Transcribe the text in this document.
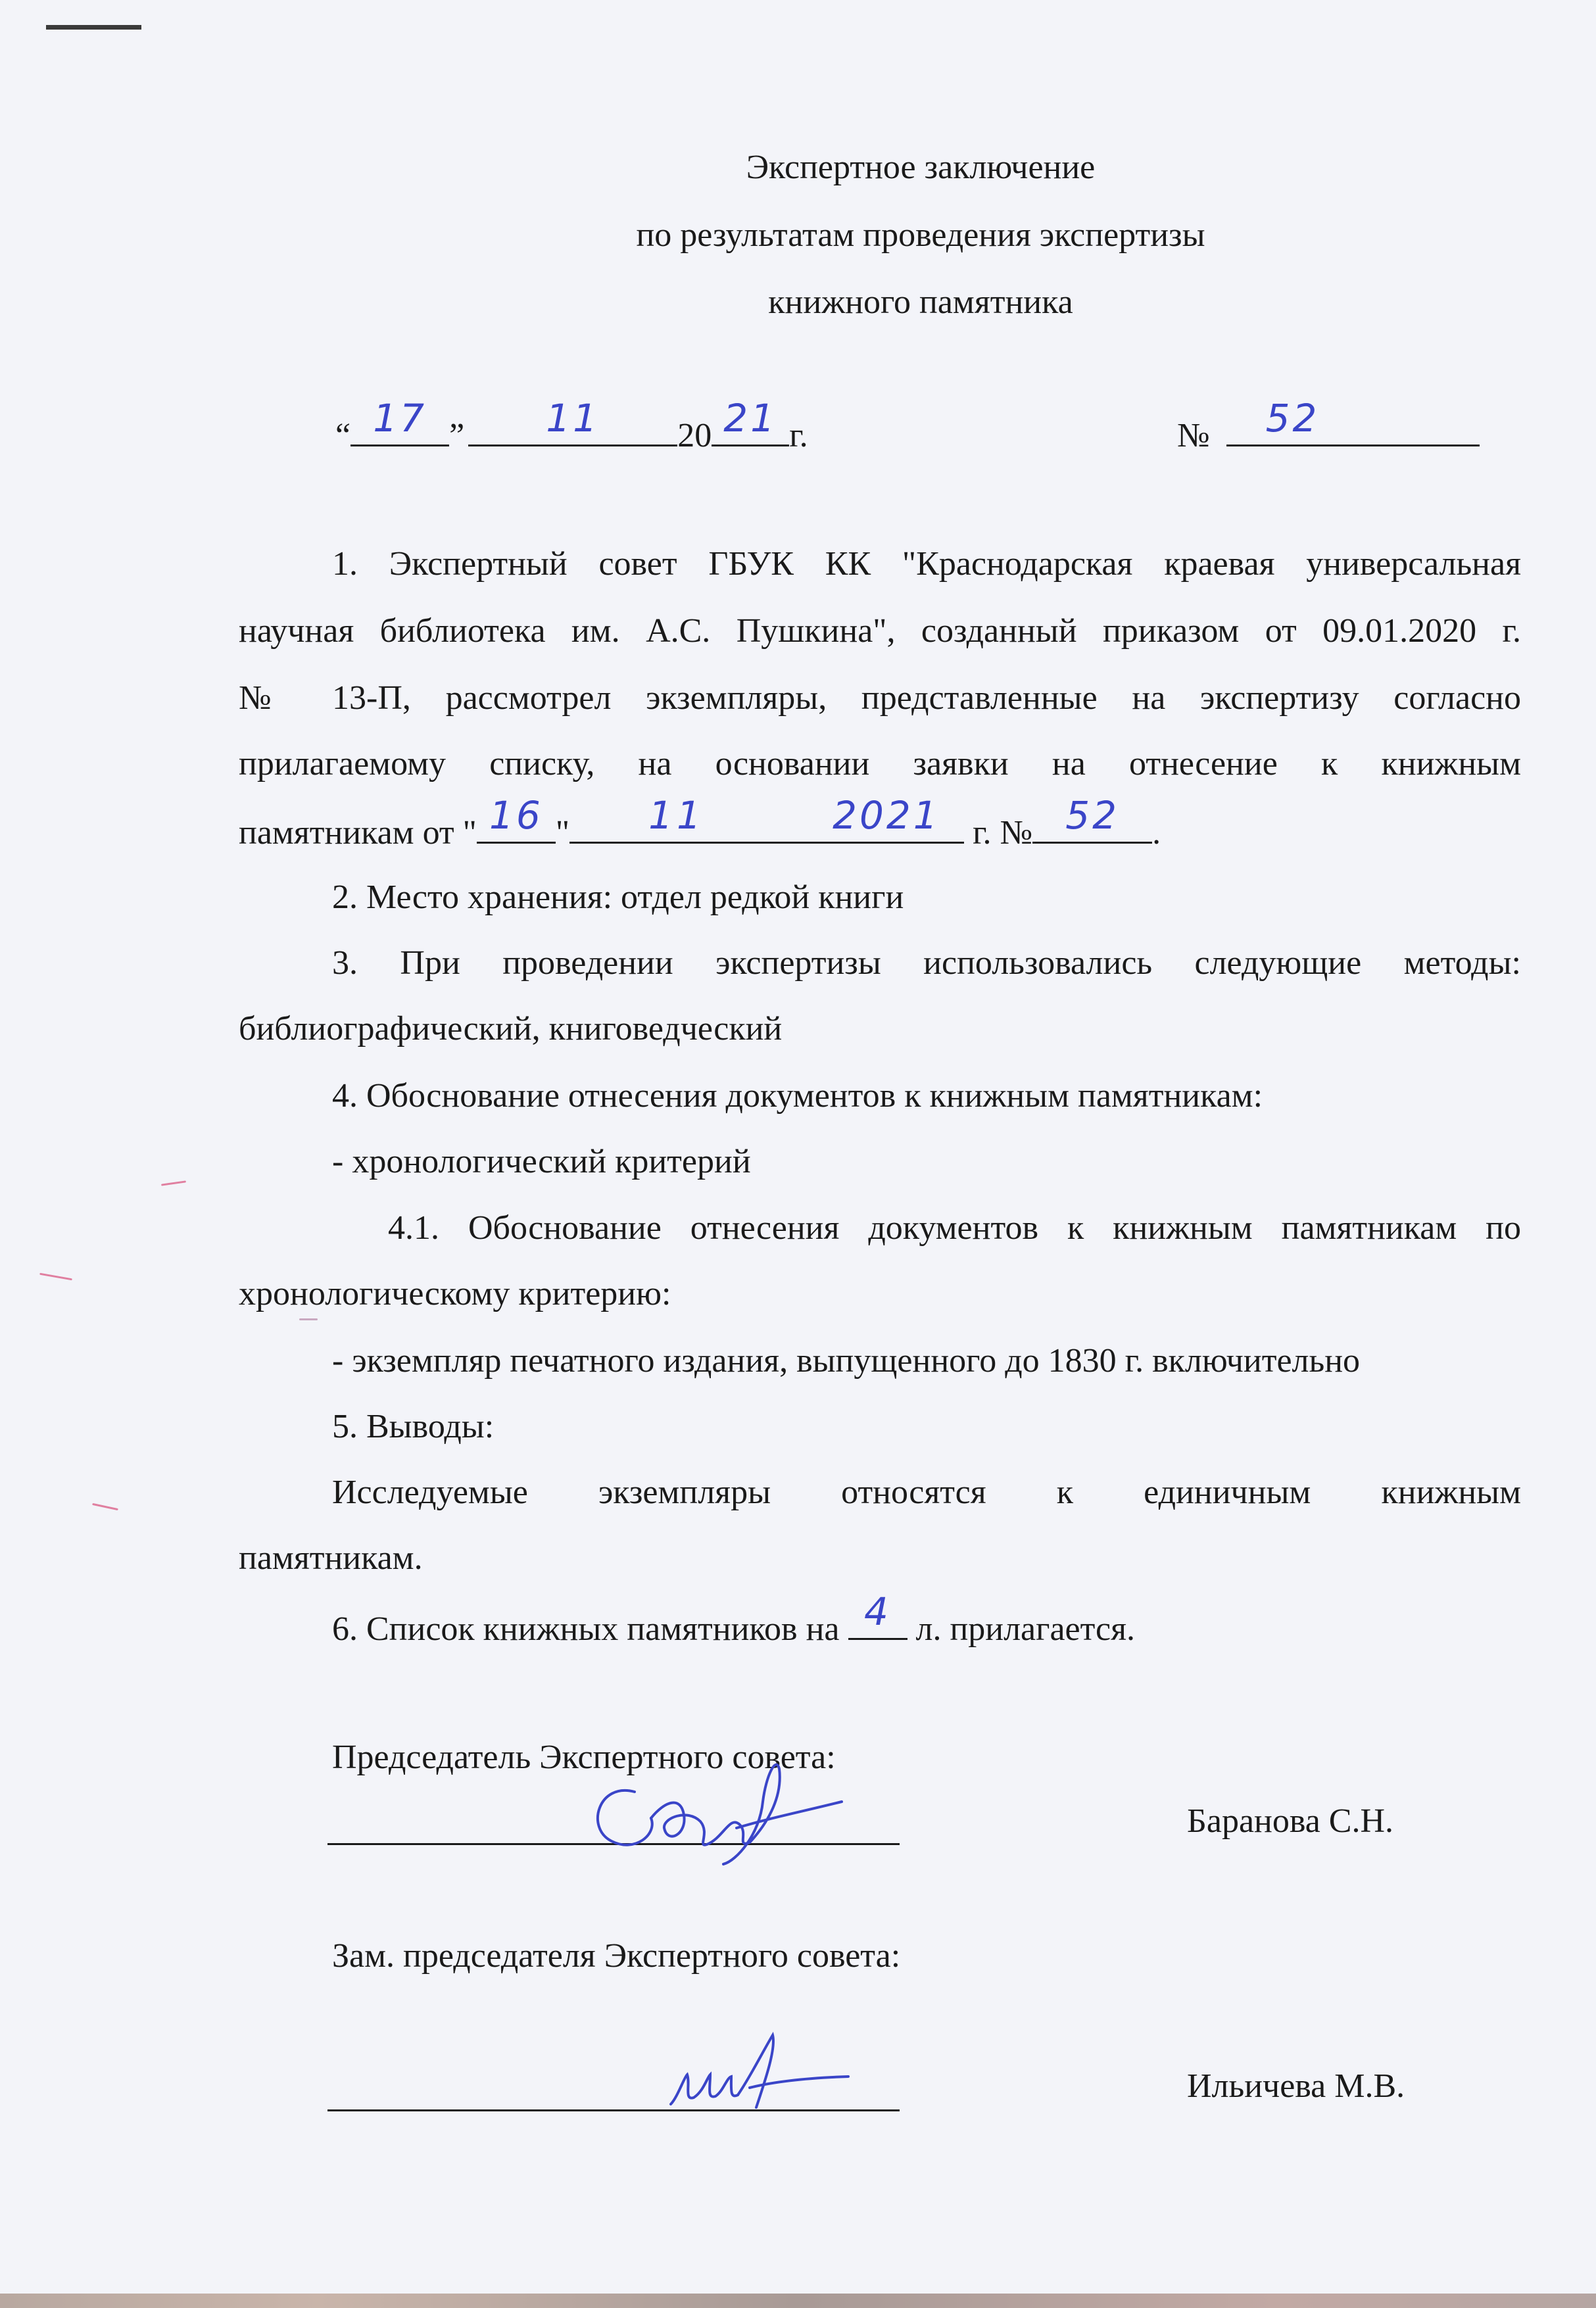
Экспертное заключение
по результатам проведения экспертизы
книжного памятника
“ 17 ”	11	20 21 г.	№ 52
1. Экспертный совет ГБУК КК "Краснодарская краевая универсальная
научная библиотека им. А.С. Пушкина", созданный приказом от 09.01.2020 г.
№ 13-П, рассмотрел экземпляры, представленные на экспертизу согласно
прилагаемому списку, на основании заявки на отнесение к книжным
памятникам от " 16 " 11	2021 г. № 52 .
2. Место хранения: отдел редкой книги
3. При проведении экспертизы использовались следующие методы:
библиографический, книговедческий
4. Обоснование отнесения документов к книжным памятникам:
- хронологический критерий
4.1. Обоснование отнесения документов к книжным памятникам по
хронологическому критерию:
- экземпляр печатного издания, выпущенного до 1830 г. включительно
5. Выводы:
Исследуемые экземпляры относятся к единичным книжным
памятникам.
6. Список книжных памятников на 4 л. прилагается.
Председатель Экспертного совета:
Баранова С.Н.
Зам. председателя Экспертного совета:
Ильичева М.В.
